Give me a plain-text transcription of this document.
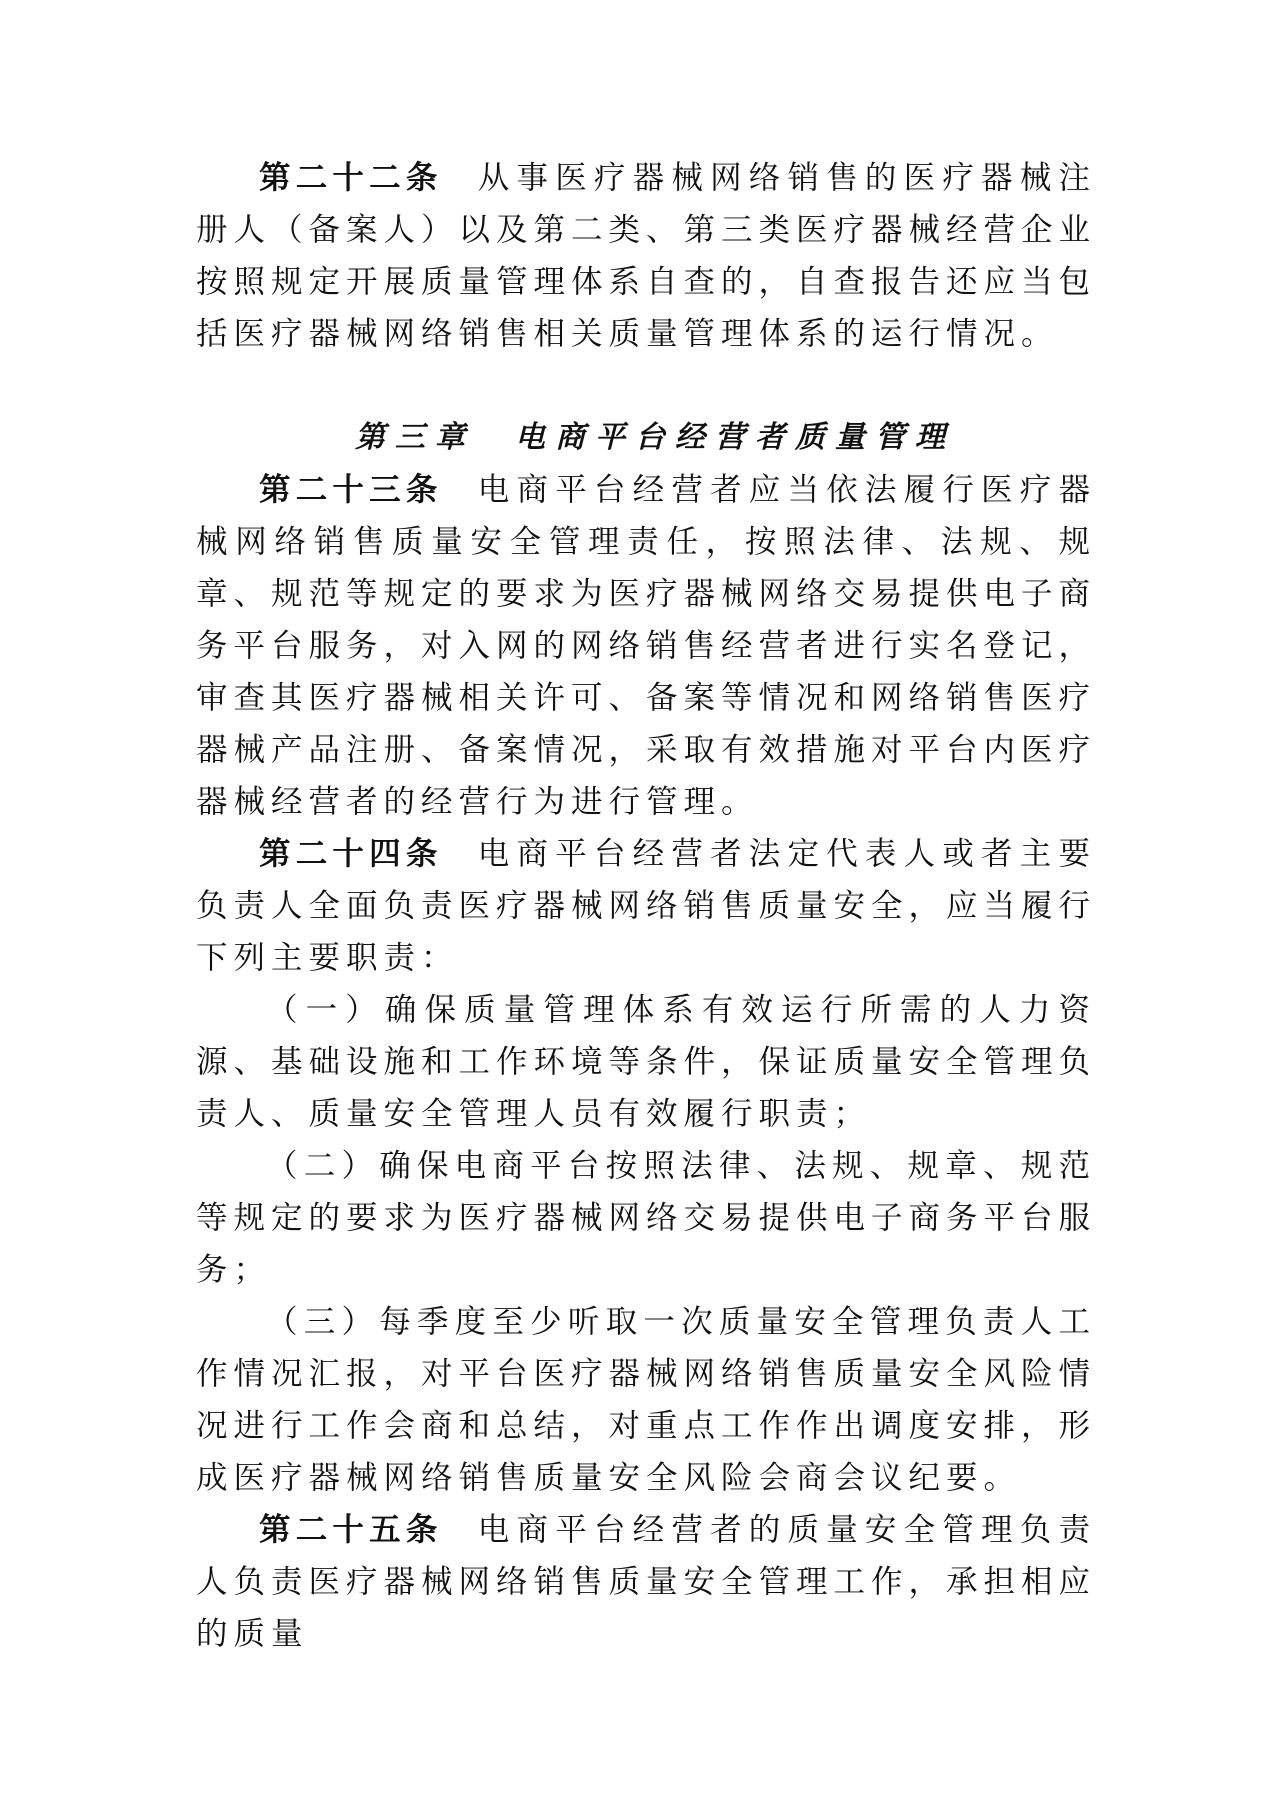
第二十二条 从事医疗器械网络销售的医疗器械注册人（备案人）以及第二类、第三类医疗器械经营企业按照规定开展质量管理体系自查的，自查报告还应当包括医疗器械网络销售相关质量管理体系的运行情况。

第三章 电商平台经营者质量管理

第二十三条 电商平台经营者应当依法履行医疗器械网络销售质量安全管理责任，按照法律、法规、规章、规范等规定的要求为医疗器械网络交易提供电子商务平台服务，对入网的网络销售经营者进行实名登记，审查其医疗器械相关许可、备案等情况和网络销售医疗器械产品注册、备案情况，采取有效措施对平台内医疗器械经营者的经营行为进行管理。

第二十四条 电商平台经营者法定代表人或者主要负责人全面负责医疗器械网络销售质量安全，应当履行下列主要职责：

（一）确保质量管理体系有效运行所需的人力资源、基础设施和工作环境等条件，保证质量安全管理负责人、质量安全管理人员有效履行职责；

（二）确保电商平台按照法律、法规、规章、规范等规定的要求为医疗器械网络交易提供电子商务平台服务；

（三）每季度至少听取一次质量安全管理负责人工作情况汇报，对平台医疗器械网络销售质量安全风险情况进行工作会商和总结，对重点工作作出调度安排，形成医疗器械网络销售质量安全风险会商会议纪要。

第二十五条 电商平台经营者的质量安全管理负责人负责医疗器械网络销售质量安全管理工作，承担相应的质量
